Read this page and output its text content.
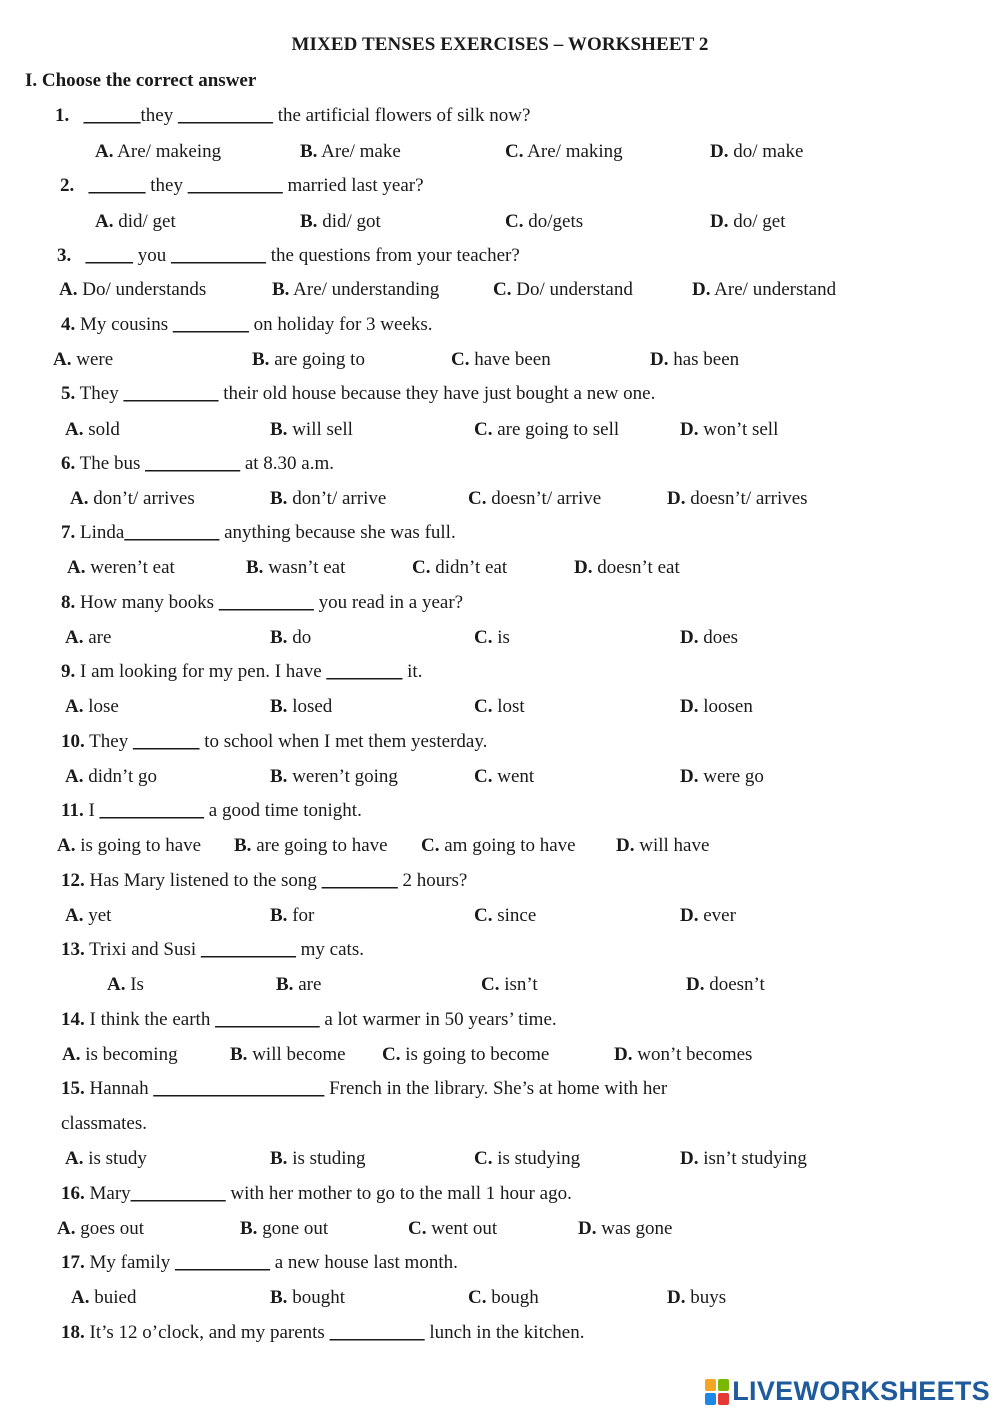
MIXED TENSES EXERCISES – WORKSHEET 2
I. Choose the correct answer
1. ______they __________ the artificial flowers of silk now?
A. Are/ makeing	B. Are/ make	C. Are/ making	D. do/ make
2. ______ they __________ married last year?
A. did/ get	B. did/ got	C. do/gets	D. do/ get
3. _____ you __________ the questions from your teacher?
A. Do/ understands	B. Are/ understanding	C. Do/ understand	D. Are/ understand
4. My cousins ________ on holiday for 3 weeks.
A. were	B. are going to	C. have been	D. has been
5. They __________ their old house because they have just bought a new one.
A. sold	B. will sell	C. are going to sell	D. won’t sell
6. The bus __________ at 8.30 a.m.
A. don’t/ arrives	B. don’t/ arrive	C. doesn’t/ arrive	D. doesn’t/ arrives
7. Linda__________ anything because she was full.
A. weren’t eat	B. wasn’t eat	C. didn’t eat	D. doesn’t eat
8. How many books __________ you read in a year?
A. are	B. do	C. is	D. does
9. I am looking for my pen. I have ________ it.
A. lose	B. losed	C. lost	D. loosen
10. They _______ to school when I met them yesterday.
A. didn’t go	B. weren’t going	C. went	D. were go
11. I ___________ a good time tonight.
A. is going to have B. are going to have C. am going to have D. will have
12. Has Mary listened to the song ________ 2 hours?
A. yet	B. for	C. since	D. ever
13. Trixi and Susi __________ my cats.
A. Is	B. are	C. isn’t	D. doesn’t
14. I think the earth ___________ a lot warmer in 50 years’ time.
A. is becoming	B. will become C. is going to become	D. won’t becomes
15. Hannah __________________ French in the library. She’s at home with her
classmates.
A. is study	B. is studing	C. is studying	D. isn’t studying
16. Mary__________ with her mother to go to the mall 1 hour ago.
A. goes out	B. gone out	C. went out	D. was gone
17. My family __________ a new house last month.
A. buied	B. bought	C. bough	D. buys
18. It’s 12 o’clock, and my parents __________ lunch in the kitchen.
LIVEWORKSHEETS
